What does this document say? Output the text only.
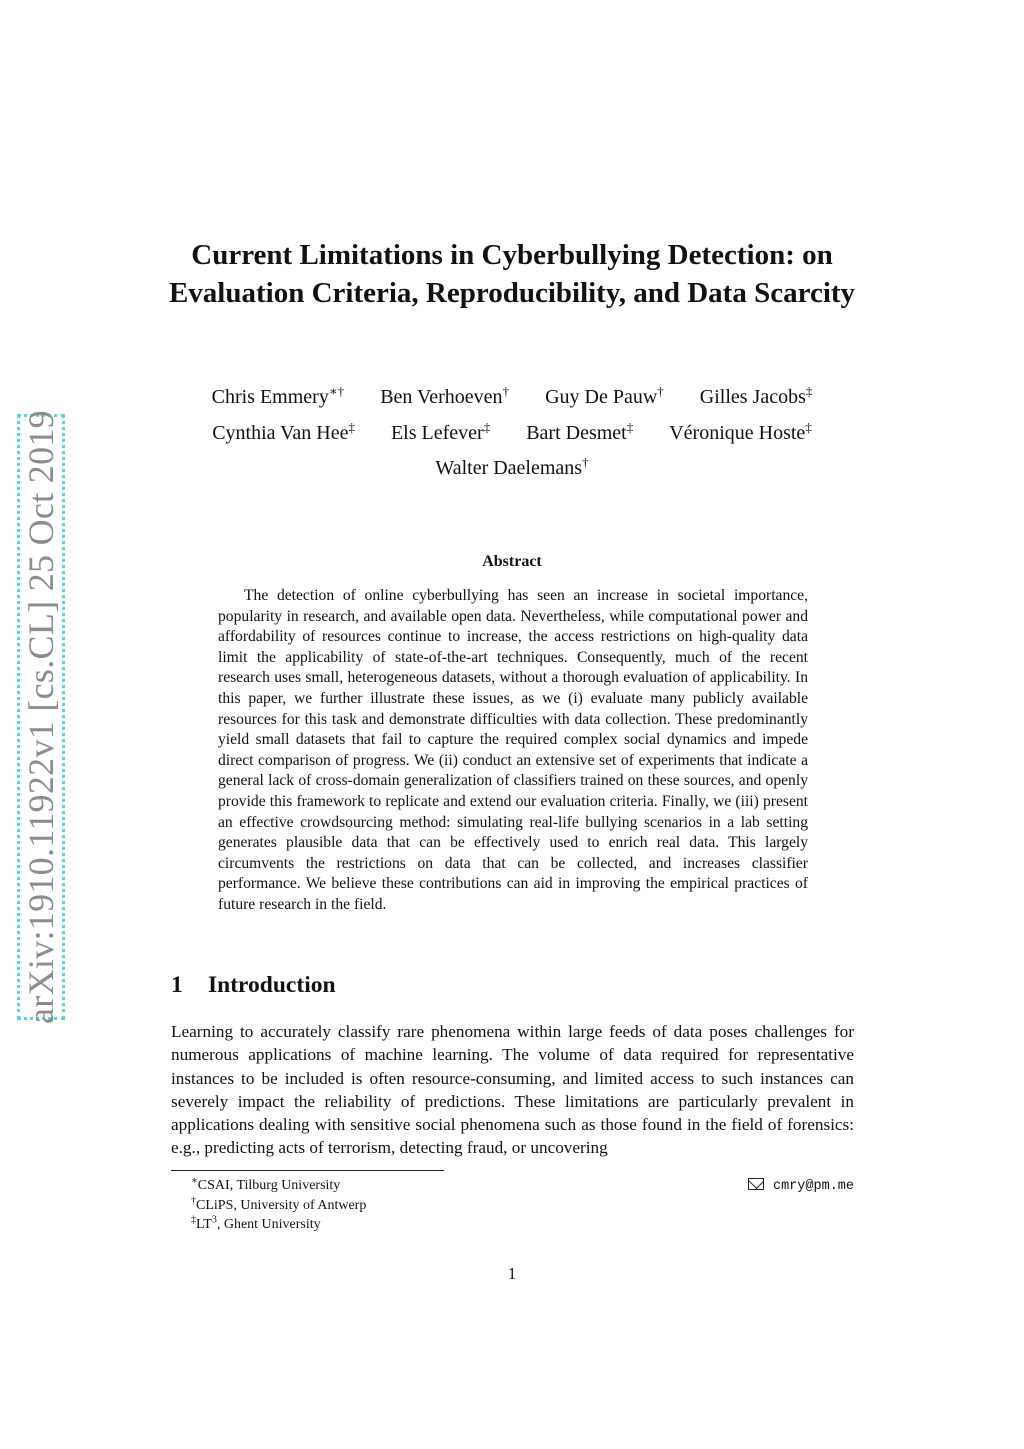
arXiv:1910.11922v1 [cs.CL] 25 Oct 2019
Current Limitations in Cyberbullying Detection: on Evaluation Criteria, Reproducibility, and Data Scarcity
Chris Emmery∗† Ben Verhoeven† Guy De Pauw† Gilles Jacobs‡
Cynthia Van Hee‡ Els Lefever‡ Bart Desmet‡ Véronique Hoste‡
Walter Daelemans†
Abstract

The detection of online cyberbullying has seen an increase in societal importance, popularity in research, and available open data. Nevertheless, while computational power and affordability of resources continue to increase, the access restrictions on high-quality data limit the applicability of state-of-the-art techniques. Consequently, much of the recent research uses small, heterogeneous datasets, without a thorough evaluation of applicability. In this paper, we further illustrate these issues, as we (i) evaluate many publicly available resources for this task and demonstrate difficulties with data collection. These predominantly yield small datasets that fail to capture the required complex social dynamics and impede direct comparison of progress. We (ii) conduct an extensive set of experiments that indicate a general lack of cross-domain generalization of classifiers trained on these sources, and openly provide this framework to replicate and extend our evaluation criteria. Finally, we (iii) present an effective crowdsourcing method: simulating real-life bullying scenarios in a lab setting generates plausible data that can be effectively used to enrich real data. This largely circumvents the restrictions on data that can be collected, and increases classifier performance. We believe these contributions can aid in improving the empirical practices of future research in the field.

1 Introduction

Learning to accurately classify rare phenomena within large feeds of data poses challenges for numerous applications of machine learning. The volume of data required for representative instances to be included is often resource-consuming, and limited access to such instances can severely impact the reliability of predictions. These limitations are particularly prevalent in applications dealing with sensitive social phenomena such as those found in the field of forensics: e.g., predicting acts of terrorism, detecting fraud, or uncovering

∗CSAI, Tilburg University
†CLiPS, University of Antwerp
$^\ddagger LT^3$, Ghent University
cmry@pm.me

1
